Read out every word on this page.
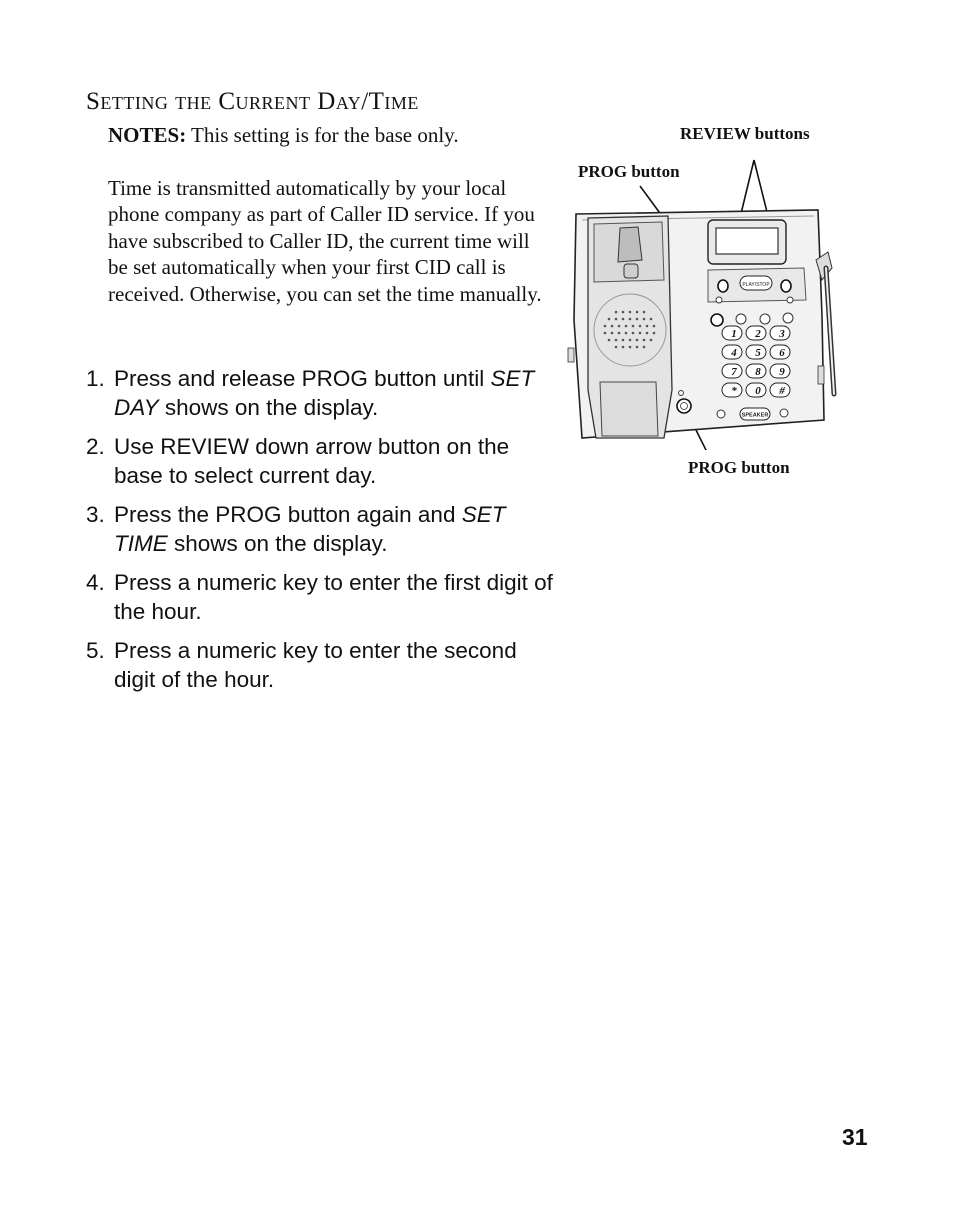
Setting the Current Day/Time

NOTES: This setting is for the base only.

Time is transmitted automatically by your local phone company as part of Caller ID service. If you have subscribed to Caller ID, the current time will be set automatically when your first CID call is received. Otherwise, you can set the time manually.

1. Press and release PROG button until SET DAY shows on the display.
2. Use REVIEW down arrow button on the base to select current day.
3. Press the PROG button again and SET TIME shows on the display.
4. Press a numeric key to enter the first digit of the hour.
5. Press a numeric key to enter the second digit of the hour.
REVIEW buttons
PROG button
PROG button
PLAY/STOP
1 2 3
4 5 6
7 8 9
* 0 #
SPEAKER
31
